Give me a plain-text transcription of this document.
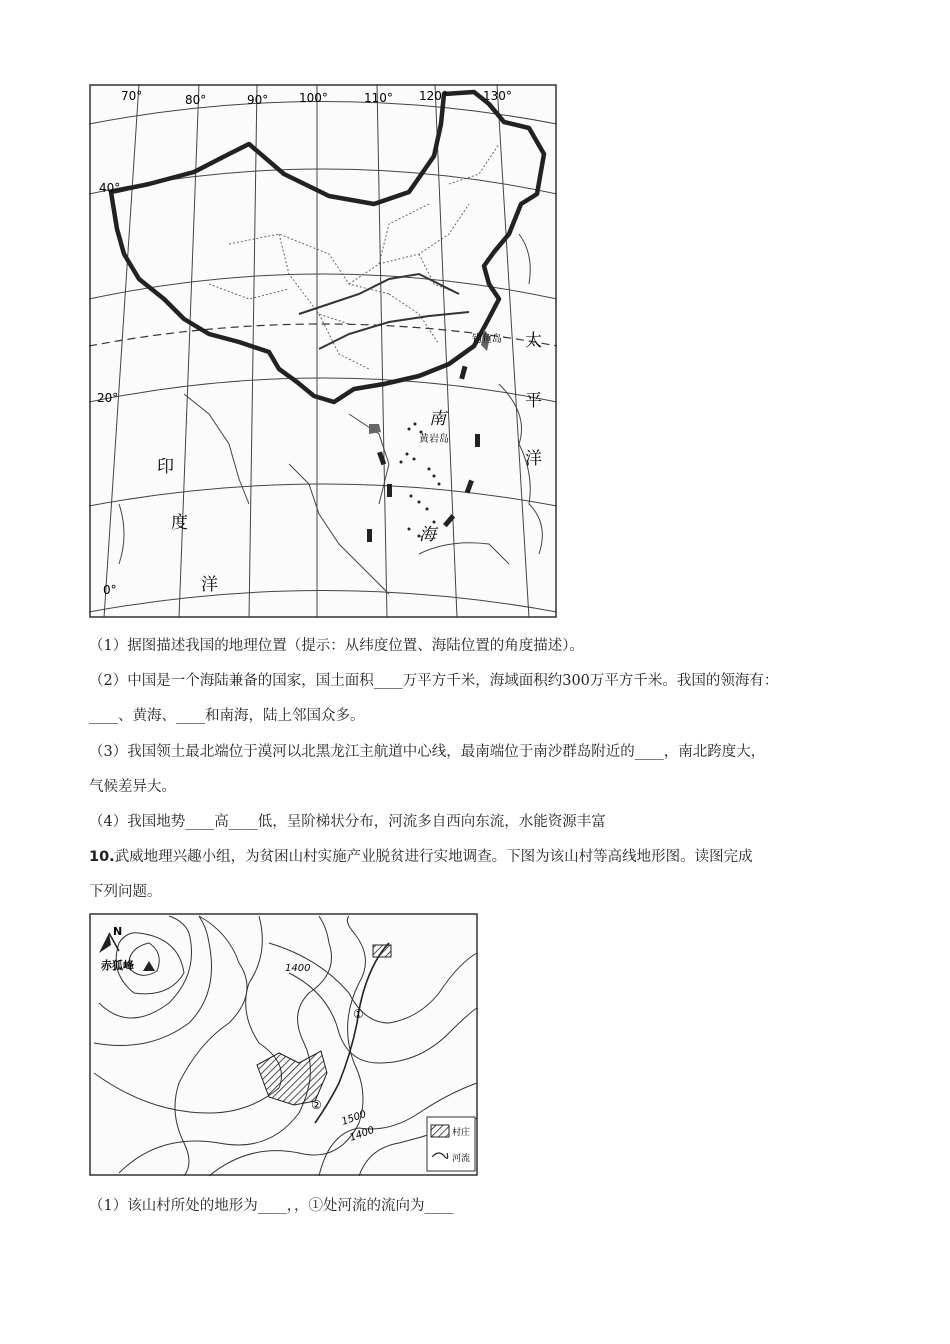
70°	80°	90°	100°	110° 120°	130°
40°
20°
0°
钓鱼岛
黄岩岛
印
度
洋
南
海
太
平
洋
（1）据图描述我国的地理位置（提示：从纬度位置、海陆位置的角度描述）。
（2）中国是一个海陆兼备的国家，国土面积____万平方千米，海域面积约300万平方千米。我国的领海有：
____、黄海、____和南海，陆上邻国众多。
（3）我国领土最北端位于漠河以北黑龙江主航道中心线，最南端位于南沙群岛附近的____，南北跨度大，
气候差异大。
（4）我国地势____高____低，呈阶梯状分布，河流多自西向东流，水能资源丰富
10.武威地理兴趣小组，为贫困山村实施产业脱贫进行实地调查。下图为该山村等高线地形图。读图完成
下列问题。
N
赤狐峰	1400
1500
1400
①
②
村庄
河流
（1）该山村所处的地形为____，，①处河流的流向为____
